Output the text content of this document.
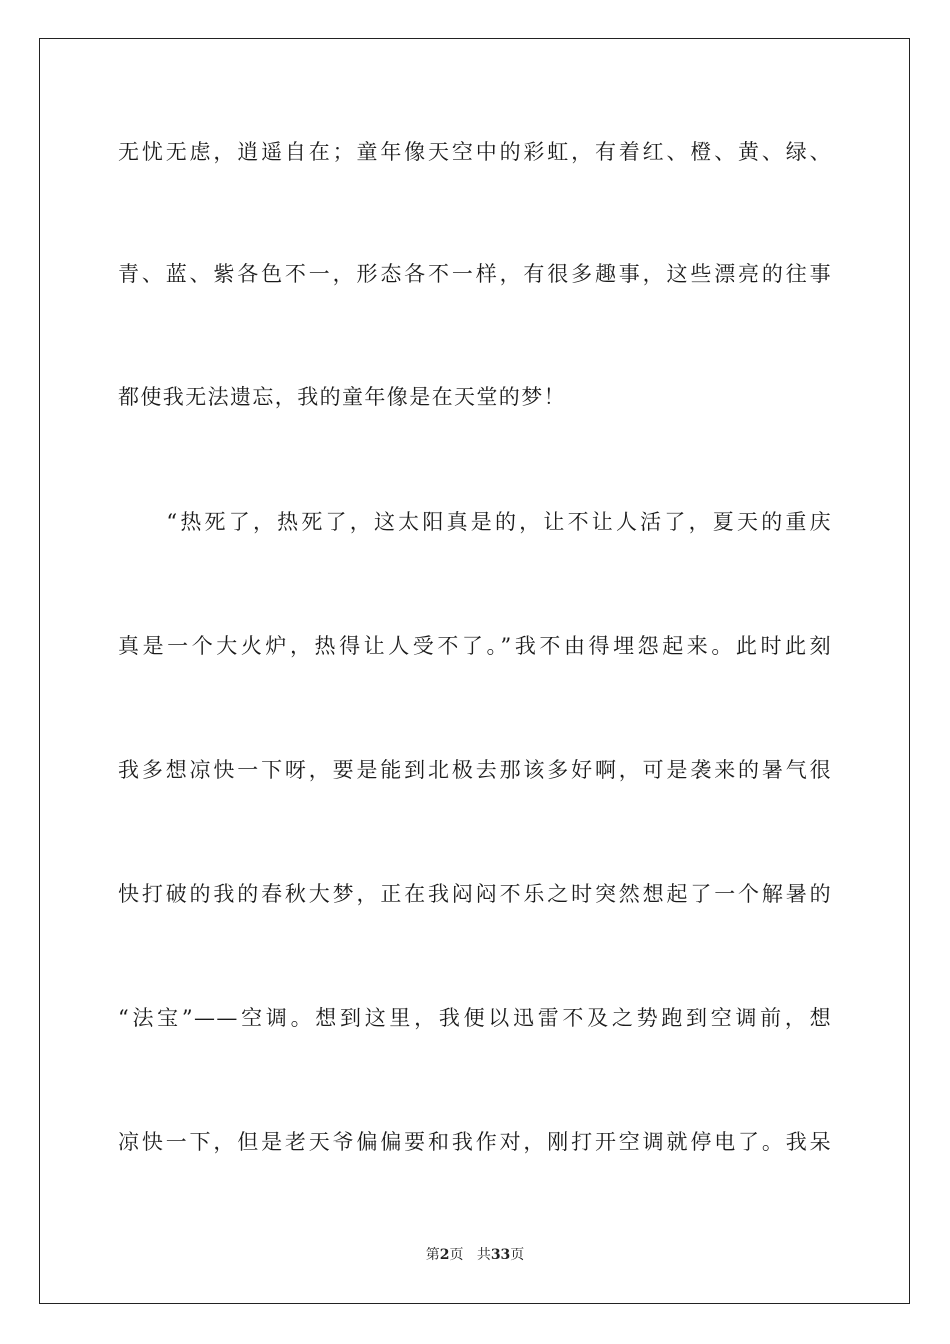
无忧无虑，逍遥自在；童年像天空中的彩虹，有着红、橙、黄、绿、
青、蓝、紫各色不一，形态各不一样，有很多趣事，这些漂亮的往事
都使我无法遗忘，我的童年像是在天堂的梦！
　　“热死了，热死了，这太阳真是的，让不让人活了，夏天的重庆
真是一个大火炉，热得让人受不了。”我不由得埋怨起来。此时此刻
我多想凉快一下呀，要是能到北极去那该多好啊，可是袭来的暑气很
快打破的我的春秋大梦，正在我闷闷不乐之时突然想起了一个解暑的
“法宝”——空调。想到这里，我便以迅雷不及之势跑到空调前，想
凉快一下，但是老天爷偏偏要和我作对，刚打开空调就停电了。我呆
第2页 共33页
